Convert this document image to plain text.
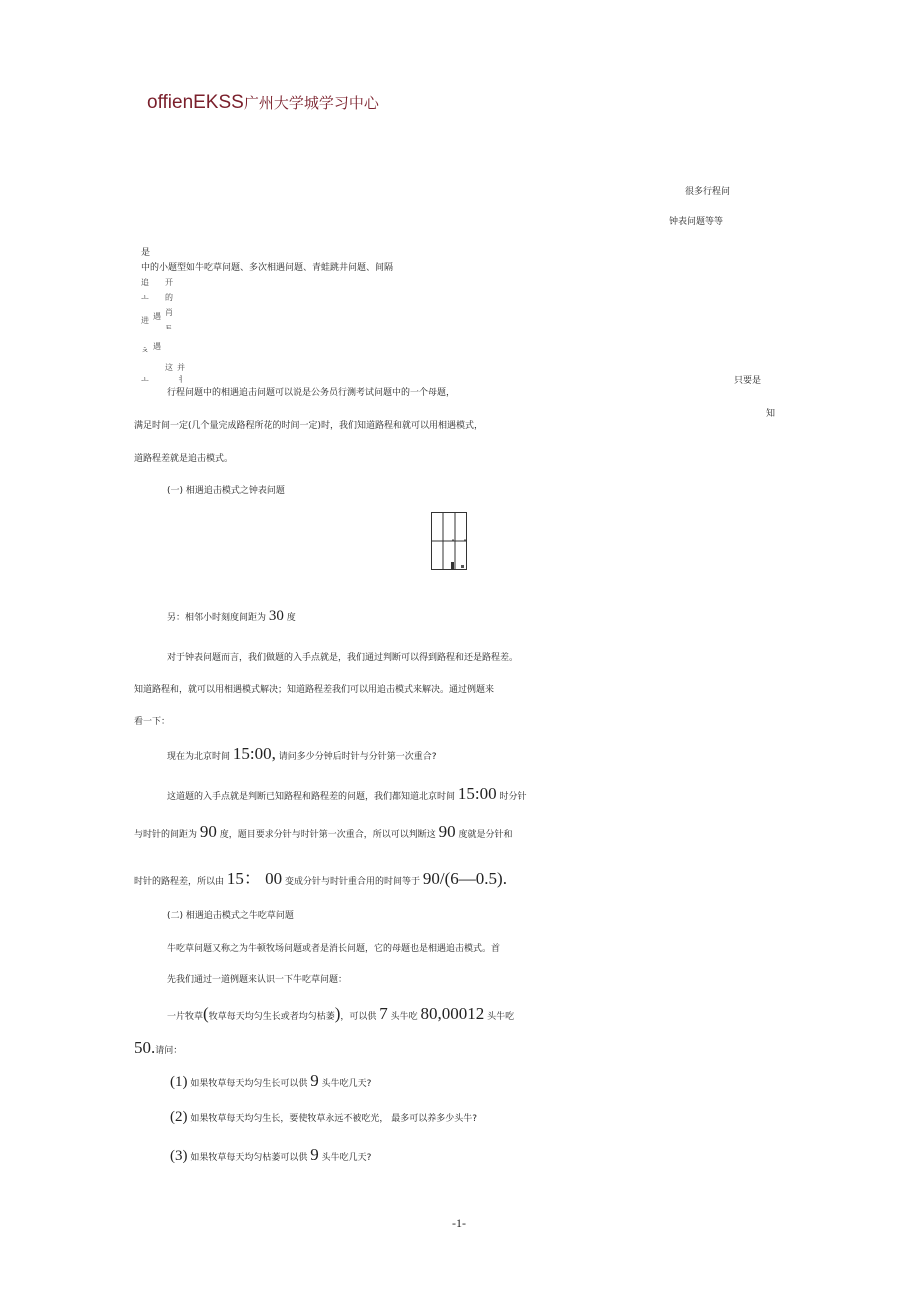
offienEKSS广州大学城学习中心
很多行程问
钟表问题等等
是
中的小题型如牛吃草问题、多次相遇问题、青蛙跳井问题、间隔
追
ㅗ
进
ㅊ
ㅗ
开
的
肖
ㅌ
这
遇
遇
并
ㅕ	只要是
知
行程问题中的相遇追击问题可以说是公务员行测考试问题中的一个母题，
满足时间一定(几个量完成路程所花的时间一定)时，我们知道路程和就可以用相遇模式，
道路程差就是追击模式。
(一) 相遇追击模式之钟表问题
另：相邻小时刻度间距为 30 度
对于钟表问题而言，我们做题的入手点就是，我们通过判断可以得到路程和还是路程差。
知道路程和，就可以用相遇模式解决；知道路程差我们可以用追击模式来解决。通过例题来
看一下：
现在为北京时间 15:00, 请问多少分钟后时针与分针第一次重合?
这道题的入手点就是判断已知路程和路程差的问题，我们都知道北京时间 15:00 时分针
与时针的间距为 90 度，题目要求分针与时针第一次重合，所以可以判断这 90 度就是分针和
时针的路程差，所以由 15： 00 变成分针与时针重合用的时间等于 90/(6—0.5).
(二) 相遇追击模式之牛吃草问题
牛吃草问题又称之为牛顿牧场问题或者是消长问题，它的母题也是相遇追击模式。首
先我们通过一道例题来认识一下牛吃草问题：
一片牧草(牧草每天均匀生长或者均匀枯萎)，可以供 7 头牛吃 80,00012 头牛吃
50.请问：
(1) 如果牧草每天均匀生长可以供 9 头牛吃几天?
(2) 如果牧草每天均匀生长，要使牧草永远不被吃光， 最多可以养多少头牛?
(3) 如果牧草每天均匀枯萎可以供 9 头牛吃几天?
-1-
